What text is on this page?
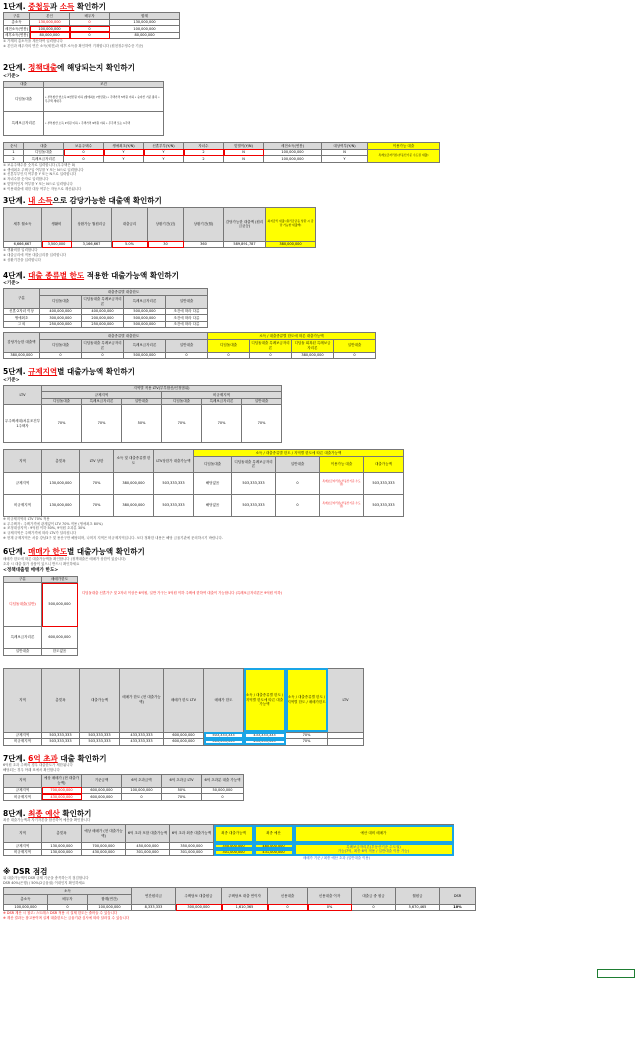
1단계. 중첩등과 소득 확인하기
구분	본인	배우자	합계
총소득	130,000,000	0	130,000,000
세전소득(연봉)	100,000,000	0	100,000,000
세후소득(연봉)	80,000,000	0	80,000,000
① 가계의 총소득을 계산하여 입력합니다
② 본인과 배우자의 연간 소득(세전)과 세후 소득을 확인하여 기재합니다 (원천징수영수증 기준)
2단계. 정책대출에 해당되는지 확인하기
<기준>
대출	조건
디딤돌대출	• 부부합산 연소득 6천만원 이하 (생애최초 7천만원) • 주택가격 5억원 이하 • 순자산 기준 충족 • 무주택 세대주
특례보금자리론	• 부부합산 소득 1억원 이하 • 주택가격 9억원 이하 • 무주택 또는 1주택
순서	대출	보유주택수	생애최초(Y/N)	신혼부부(Y/N)	자녀수	맞벌이(Y/N)	세전소득(연봉)	대상여부(Y/N)	이용가능 대출
1	디딤돌대출	0	Y	Y	2	N	100,000,000	N	특례보금자리론(부동산기준 수도권 대출)
2	특례보금자리론	0	Y	Y	2	N	100,000,000	Y	
① 보유주택수를 숫자로 입력합니다 (무주택은 0)
② 생애최초 주택구입 여부를 Y 또는 N으로 입력합니다
③ 신혼부부인지 여부를 Y 또는 N으로 입력합니다
④ 자녀수를 숫자로 입력합니다
⑤ 맞벌이인지 여부를 Y 또는 N으로 입력합니다
⑥ 이용대출에 대한 대상 여부는 자동으로 계산됩니다
3단계. 내 소득으로 감당가능한 대출액 확인하기
세후 월소득	생활비	상환가능 월원리금	대출금리	상환기간(년)	상환기간(월)	감당가능한 대출액 (원리금균등)	최저금리 대출 (원리금균등 상환 시 감당 가능한 대출액)
6,666,667	3,500,000	3,166,667	5.0%	30	360	589,891,787	380,000,000
① 생활비를 입력합니다
② 대출금리에 적용 대출금리를 입력합니다
③ 상환기간을 입력합니다
4단계. 대출 종류별 한도 적용한 대출가능액 확인하기
<기준>
구분	대출종류별 대출한도			
	디딤돌대출	디딤돌대출 특례보금자리론	특례보금자리론	일반대출
신혼·2자녀 이상	400,000,000	400,000,000	500,000,000	조건에 따라 다름
생애최초	300,000,000	200,000,000	500,000,000	조건에 따라 다름
그 외	250,000,000	250,000,000	500,000,000	조건에 따라 다름
감당가능한 대출액	대출종류별 대출한도				소득 / 대출종류별 한도에 따른 대출가능액			
	디딤돌대출	디딤돌대출 특례보금자리론	특례보금자리론	일반대출	디딤돌대출	디딤돌대출 특례보금자리론	디딤돌 회복된 특례보금자리론	일반대출
380,000,000	0	0	500,000,000	0	0	0	380,000,000	0
5단계. 규제지역별 대출가능액 확인하기
<기준>
LTV	지역별 적용 LTV(부부합산/인정범위)					
	규제지역			비규제지역		
	디딤돌대출	특례보금자리론	일반대출	디딤돌대출	특례보금자리론	일반대출
무주택세대/처분조건부 1주택자	70%	70%	50%	70%	70%	70%
지역	총빚폭	LTV 상한	소득 및 대출종류별 한도	LTV상한가 대출가능액	소득 / 대출종류별 한도 / 지역별 한도에 따른 대출가능액				
					디딤돌대출	디딤돌대출 특례보금자리론	일반대출	이용가능 대출	대출가능액
규제지역	130,000,000	70%	380,000,000	503,333,333	해당없음	503,333,333	0	특례보금자리론(부동산기준 수도권)	503,333,333
비규제지역	130,000,000	70%	380,000,000	503,333,333	해당없음	503,333,333	0	특례보금자리론(부동산기준 수도권)	503,333,333
※ 비규제지역의 LTV 70% 적용
① 무주택자 : 주택가격에 관계없이 LTV 70% 적용 (생애최초 80%)
② 조정대상지역 : 9억원 이하 50%, 9억원 초과분 30%
③ 규제지역은 주택가격에 따라 LTV가 달라집니다
※ 현재 규제지역은 서울 강남3구 및 용산구만 해당되며, 나머지 지역은 비규제지역입니다. 보다 정확한 내용은 해당 금융기관에 문의하시기 바랍니다.
6단계. 매매가 한도별 대출가능액 확인하기
매매가 한도에 따른 대출가능액을 확인합니다 (정책대출은 매매가 상한이 있습니다)
초과 시 대출 불가 상품이 있으니 반드시 확인하세요
<정책대출별 매매가 한도>
구분	매매가한도
디딤돌대출(일반)	500,000,000
특례보금자리론	600,000,000
일반대출	한도없음
디딤돌대출 신혼가구 및 2자녀 이상은 6억원, 일반 가구는 5억원 이하 주택에 한하여 대출이 가능합니다 (특례보금자리론은 9억원 이하)
지역	총빚폭	대출가능액	매매가 한도 (현 대출가능액)	매매가 한도 LTV	매매가 한도	소득 / 대출종류별 한도 / 지역별 한도에 따른 대출가능액	소득 / 대출종류별 한도 / 지역별 한도 / 매매가한도	LTV
규제지역	503,333,333	503,333,333	433,333,333	600,000,000	503,333,333	433,333,333	70%	
비규제지역	503,333,333	503,333,333	433,333,333	600,000,000	503,333,333	433,333,333	70%	
7단계. 6억 초과 대출 확인하기
6억원 초과 주택의 경우 대출한도가 제한됩니다
해당되는 경우 아래 표에서 확인합니다
지역	예상 매매가 (현 대출가능액)	기준금액	6억 초과금액	6억 초과금 LTV	6억 초과분 대출 가능액
규제지역	700,000,000	600,000,000	100,000,000	50%	50,000,000
비규제지역	430,000,000	600,000,000	0	70%	0
8단계. 최종 예산 확인하기
최종 대출가능액과 자기자본을 합산하여 예산을 확인합니다
지역	총빚폭	예상 매매가 (현 대출가능액)	6억 초과 포함 대출가능액	6억 초과 최종 대출가능액	최종 대출가능액	최종 예산	예산 대비 매매가
규제지역	130,000,000	700,000,000	450,000,000	350,000,000	350,000,000	480,000,000	특례보금자리론(부동산기준 수도권)
가능(7억, 최종 6억 적용 / 일반대출 이용 가능)

비규제지역	130,000,000	430,000,000	301,000,000	301,000,000	301,000,000	431,000,000	
매매가 기준 / 최종 예산 초과 (일반대출 이용)
※ DSR 점검
위 대출가능액이 DSR 규제 기준을 충족하는지 점검합니다
DSR 40%(은행) / 50%(2금융권) 이내인지 확인하세요
소득			연간원리금	주택담보 대출원금	주택담보 대출 연이자	신용대출	신용대출 이자	대출금 중 원금	월원금	DSR
총소득	배우자	합계(연간)								
100,000,000	0	100,000,000	8,333,333	300,000,000	1,610,365	0	0%	0	5,670,465	10%
※ DSR 계산 시 참고: 스트레스 DSR 적용 시 실제 한도는 줄어들 수 있습니다
※ 계산 결과는 참고용이며 실제 대출한도는 금융기관 심사에 따라 달라질 수 있습니다
